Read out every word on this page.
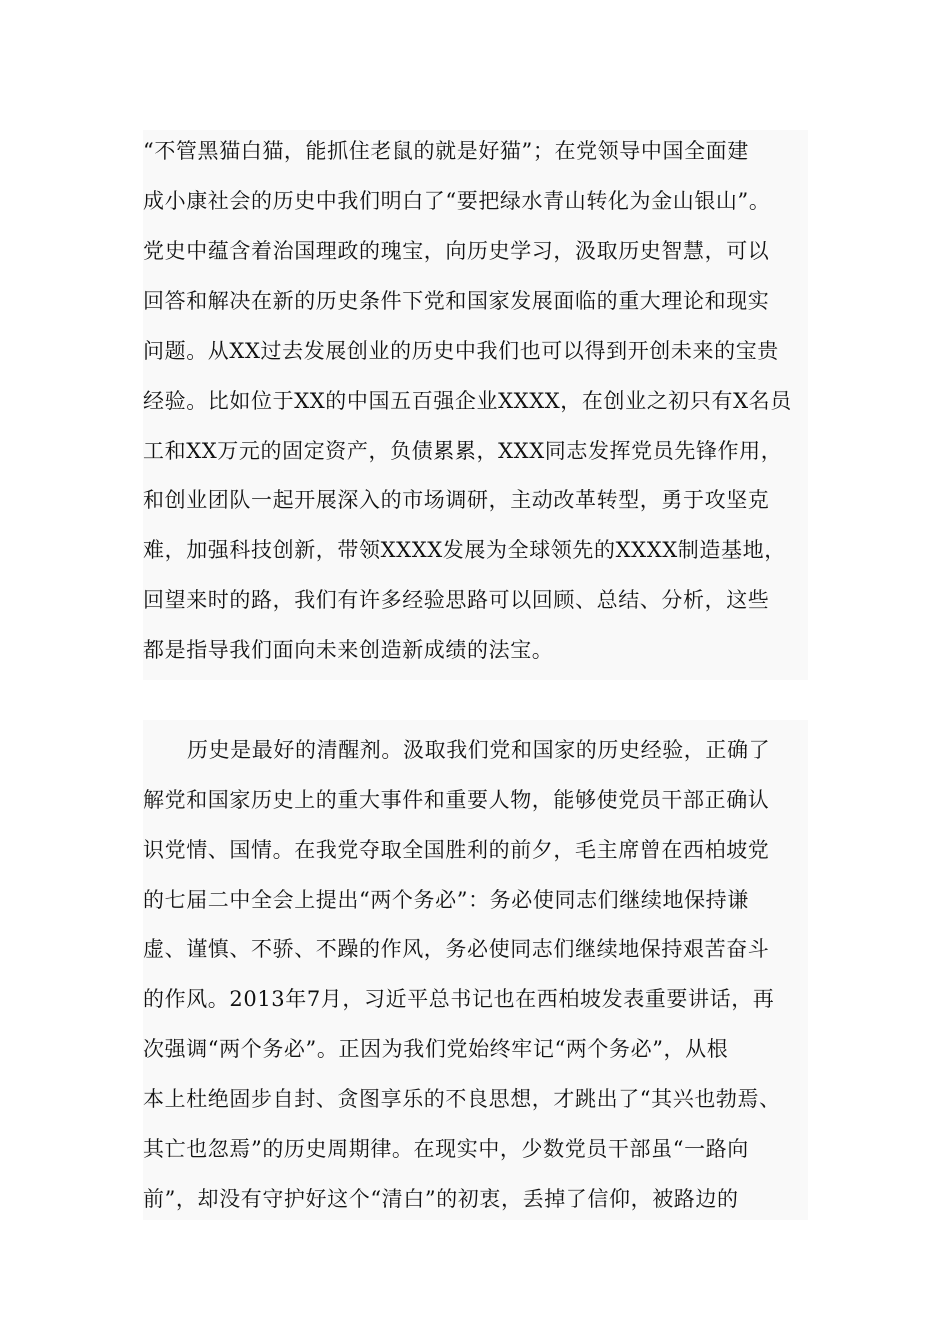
“不管黑猫白猫，能抓住老鼠的就是好猫”；在党领导中国全面建
成小康社会的历史中我们明白了“要把绿水青山转化为金山银山”。
党史中蕴含着治国理政的瑰宝，向历史学习，汲取历史智慧，可以
回答和解决在新的历史条件下党和国家发展面临的重大理论和现实
问题。从XX过去发展创业的历史中我们也可以得到开创未来的宝贵
经验。比如位于XX的中国五百强企业XXXX，在创业之初只有X名员
工和XX万元的固定资产，负债累累，XXX同志发挥党员先锋作用，
和创业团队一起开展深入的市场调研，主动改革转型，勇于攻坚克
难，加强科技创新，带领XXXX发展为全球领先的XXXX制造基地，
回望来时的路，我们有许多经验思路可以回顾、总结、分析，这些
都是指导我们面向未来创造新成绩的法宝。
历史是最好的清醒剂。汲取我们党和国家的历史经验，正确了
解党和国家历史上的重大事件和重要人物，能够使党员干部正确认
识党情、国情。在我党夺取全国胜利的前夕，毛主席曾在西柏坡党
的七届二中全会上提出“两个务必”：务必使同志们继续地保持谦
虚、谨慎、不骄、不躁的作风，务必使同志们继续地保持艰苦奋斗
的作风。2013年7月，习近平总书记也在西柏坡发表重要讲话，再
次强调“两个务必”。正因为我们党始终牢记“两个务必”，从根
本上杜绝固步自封、贪图享乐的不良思想，才跳出了“其兴也勃焉、
其亡也忽焉”的历史周期律。在现实中，少数党员干部虽“一路向
前”，却没有守护好这个“清白”的初衷，丢掉了信仰，被路边的
